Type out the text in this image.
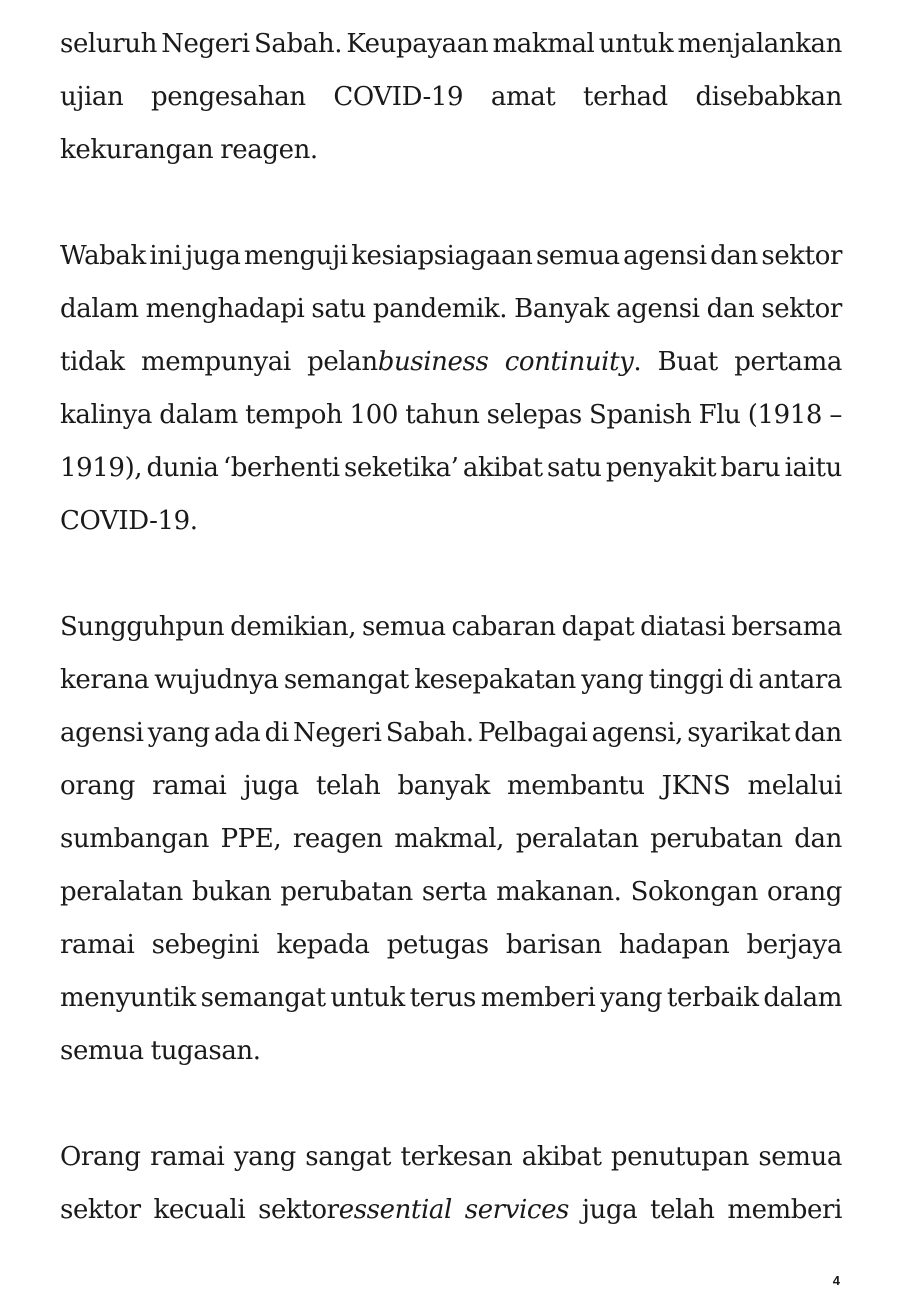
seluruh Negeri Sabah. Keupayaan makmal untuk menjalankan
ujian pengesahan COVID-19 amat terhad disebabkan
kekurangan reagen.
Wabak ini juga menguji kesiapsiagaan semua agensi dan sektor
dalam menghadapi satu pandemik. Banyak agensi dan sektor
tidak mempunyai pelanbusiness continuity. Buat pertama
kalinya dalam tempoh 100 tahun selepas Spanish Flu (1918 –
1919), dunia ‘berhenti seketika’ akibat satu penyakit baru iaitu
COVID-19.
Sungguhpun demikian, semua cabaran dapat diatasi bersama
kerana wujudnya semangat kesepakatan yang tinggi di antara
agensi yang ada di Negeri Sabah. Pelbagai agensi, syarikat dan
orang ramai juga telah banyak membantu JKNS melalui
sumbangan PPE, reagen makmal, peralatan perubatan dan
peralatan bukan perubatan serta makanan. Sokongan orang
ramai sebegini kepada petugas barisan hadapan berjaya
menyuntik semangat untuk terus memberi yang terbaik dalam
semua tugasan.
Orang ramai yang sangat terkesan akibat penutupan semua
sektor kecuali sektoressential services juga telah memberi
4
